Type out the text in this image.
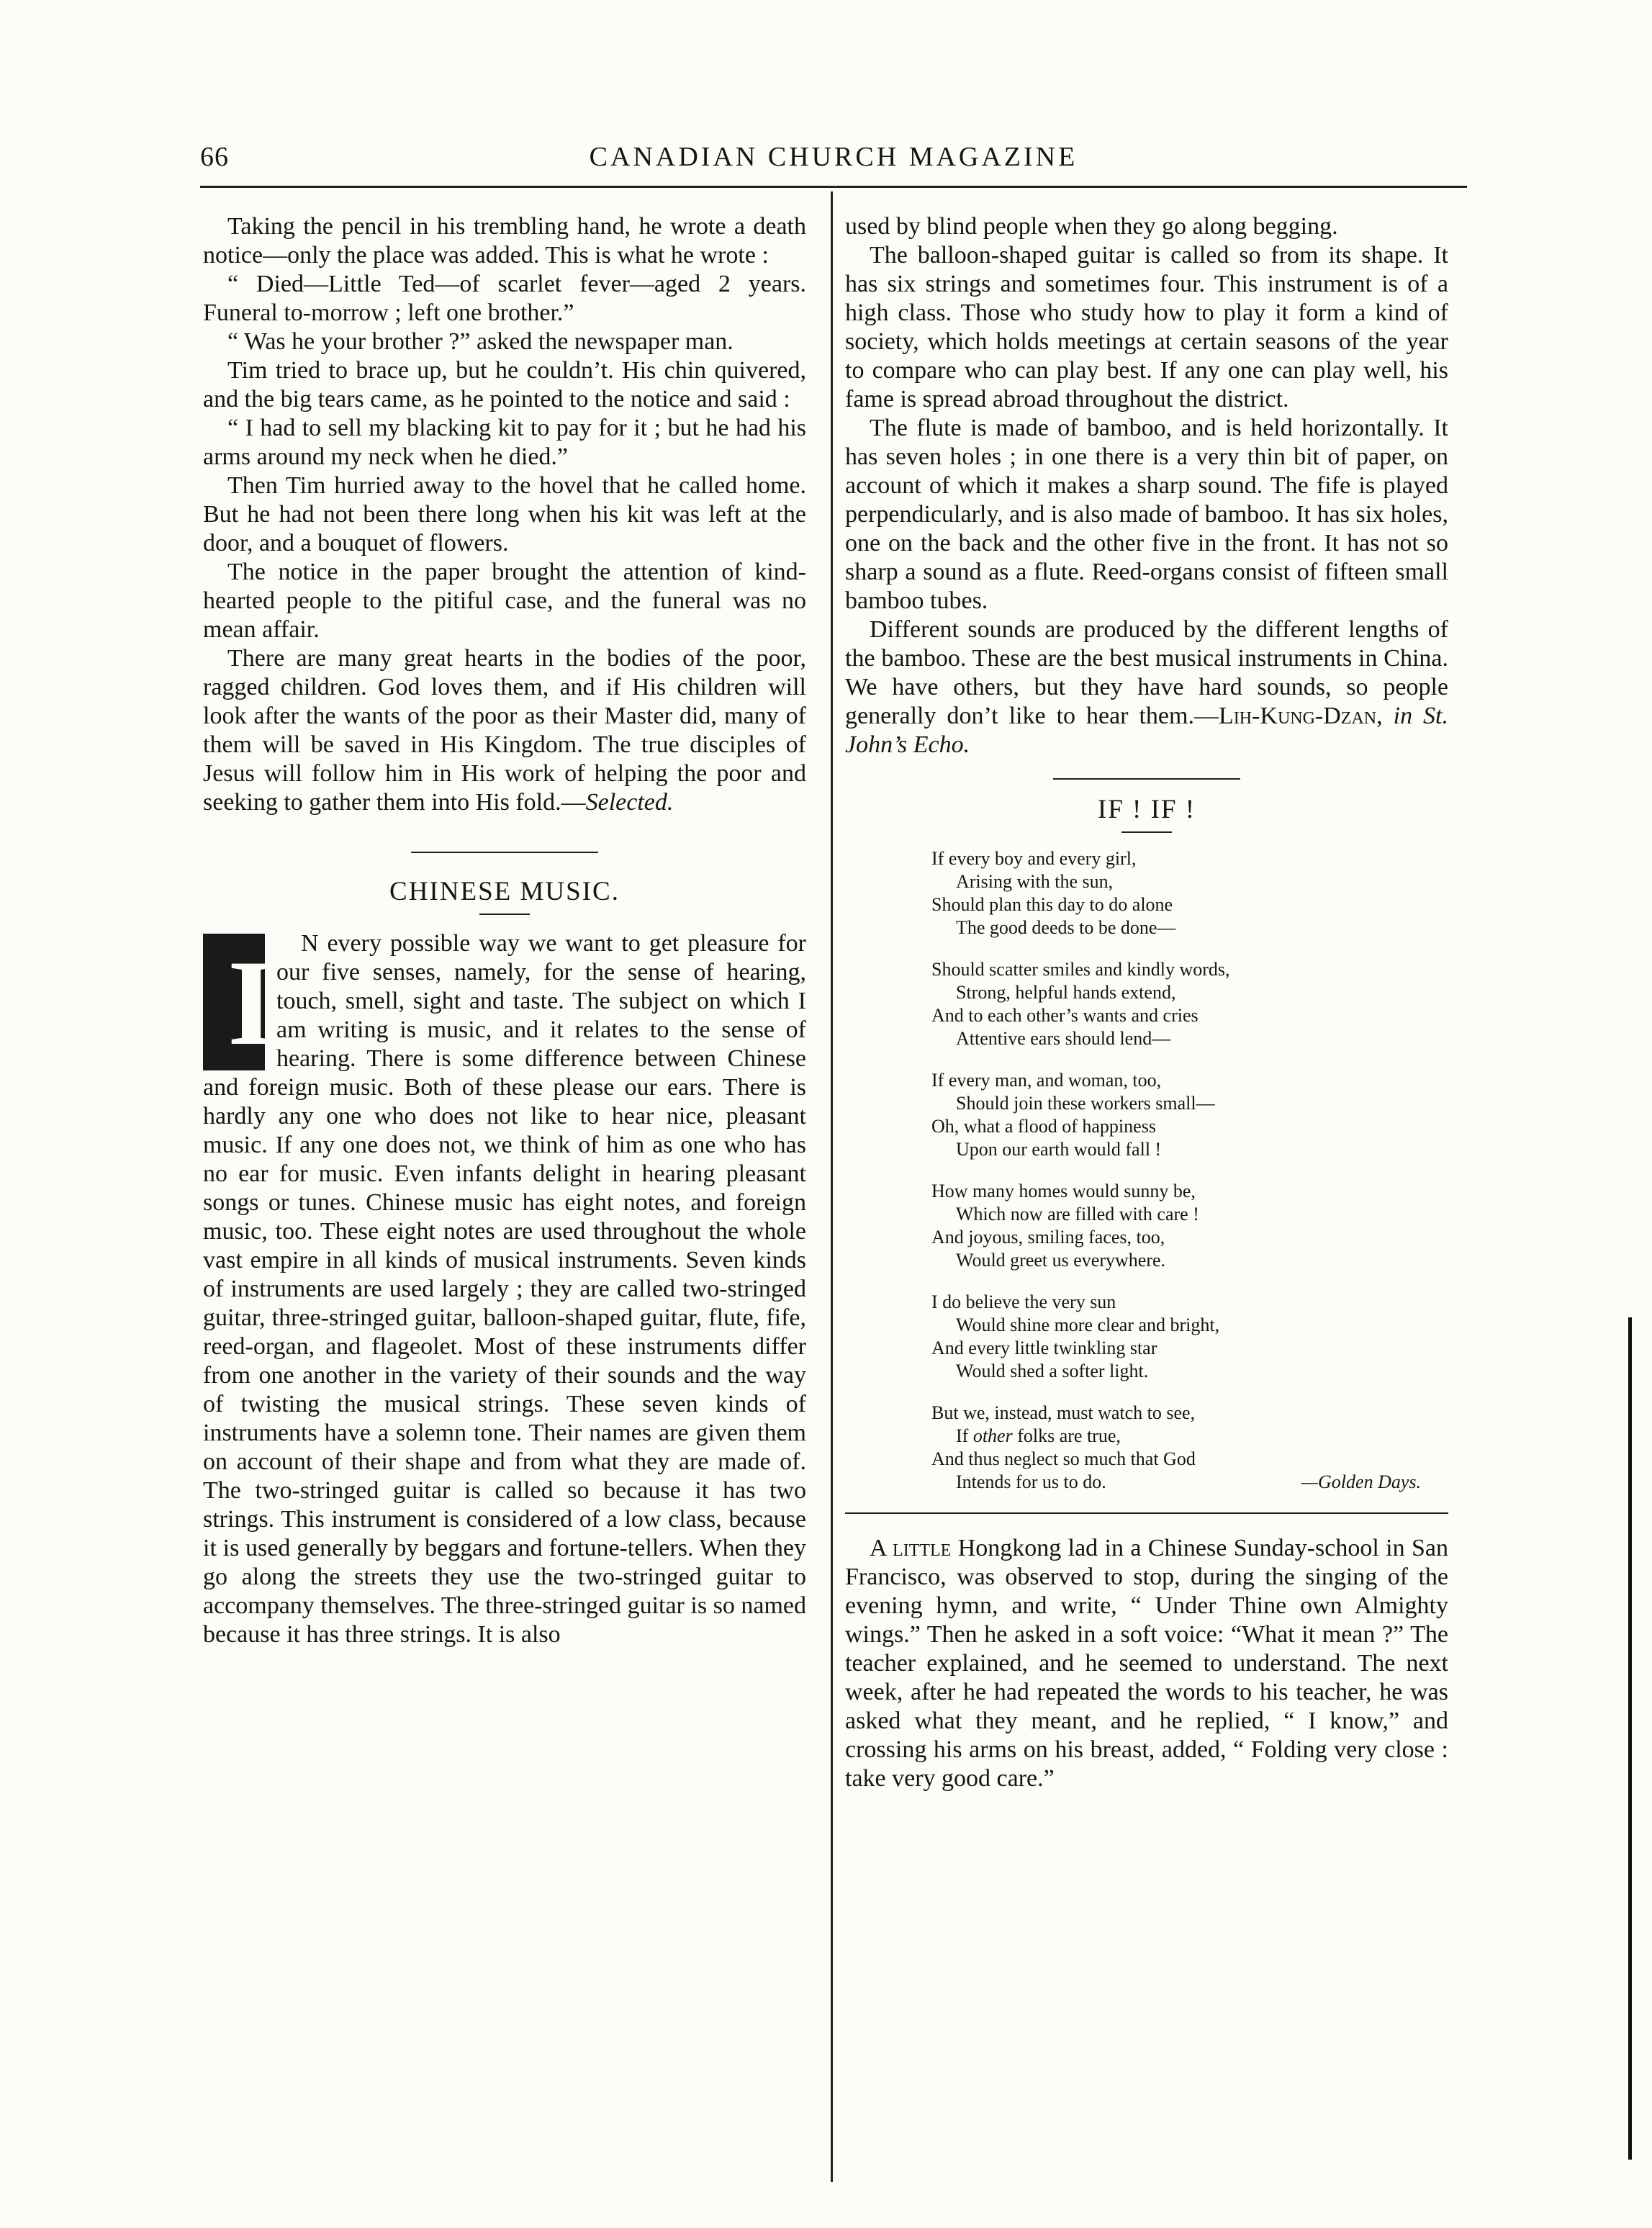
66	CANADIAN CHURCH MAGAZINE

Taking the pencil in his trembling hand, he wrote a death notice—only the place was added. This is what he wrote :

“ Died—Little Ted—of scarlet fever—aged 2 years. Funeral to-morrow ; left one brother.”

“ Was he your brother ?” asked the newspaper man.

Tim tried to brace up, but he couldn’t. His chin quivered, and the big tears came, as he pointed to the notice and said :

“ I had to sell my blacking kit to pay for it ; but he had his arms around my neck when he died.”

Then Tim hurried away to the hovel that he called home. But he had not been there long when his kit was left at the door, and a bouquet of flowers.

The notice in the paper brought the attention of kind-hearted people to the pitiful case, and the funeral was no mean affair.

There are many great hearts in the bodies of the poor, ragged children. God loves them, and if His children will look after the wants of the poor as their Master did, many of them will be saved in His Kingdom. The true disciples of Jesus will follow him in His work of helping the poor and seeking to gather them into His fold.—Selected.

CHINESE MUSIC.

I N every possible way we want to get pleasure for our five senses, namely, for the sense of hearing, touch, smell, sight and taste. The subject on which I am writing is music, and it relates to the sense of hearing. There is some difference between Chinese and foreign music. Both of these please our ears. There is hardly any one who does not like to hear nice, pleasant music. If any one does not, we think of him as one who has no ear for music. Even infants delight in hearing pleasant songs or tunes. Chinese music has eight notes, and foreign music, too. These eight notes are used throughout the whole vast empire in all kinds of musical instruments. Seven kinds of instruments are used largely ; they are called two-stringed guitar, three-stringed guitar, balloon-shaped guitar, flute, fife, reed-organ, and flageolet. Most of these instruments differ from one another in the variety of their sounds and the way of twisting the musical strings. These seven kinds of instruments have a solemn tone. Their names are given them on account of their shape and from what they are made of. The two-stringed guitar is called so because it has two strings. This instrument is considered of a low class, because it is used generally by beggars and fortune-tellers. When they go along the streets they use the two-stringed guitar to accompany themselves. The three-stringed guitar is so named because it has three strings. It is also

used by blind people when they go along begging.

The balloon-shaped guitar is called so from its shape. It has six strings and sometimes four. This instrument is of a high class. Those who study how to play it form a kind of society, which holds meetings at certain seasons of the year to compare who can play best. If any one can play well, his fame is spread abroad throughout the district.

The flute is made of bamboo, and is held horizontally. It has seven holes ; in one there is a very thin bit of paper, on account of which it makes a sharp sound. The fife is played perpendicularly, and is also made of bamboo. It has six holes, one on the back and the other five in the front. It has not so sharp a sound as a flute. Reed-organs consist of fifteen small bamboo tubes.

Different sounds are produced by the different lengths of the bamboo. These are the best musical instruments in China. We have others, but they have hard sounds, so people generally don’t like to hear them.—Lih-Kung-Dzan, in St. John’s Echo.

IF ! IF !
If every boy and every girl,
Arising with the sun,
Should plan this day to do alone
The good deeds to be done—
Should scatter smiles and kindly words,
Strong, helpful hands extend,
And to each other’s wants and cries
Attentive ears should lend—
If every man, and woman, too,
Should join these workers small—
Oh, what a flood of happiness
Upon our earth would fall !
How many homes would sunny be,
Which now are filled with care !
And joyous, smiling faces, too,
Would greet us everywhere.
I do believe the very sun
Would shine more clear and bright,
And every little twinkling star
Would shed a softer light.
But we, instead, must watch to see,
If other folks are true,
And thus neglect so much that God
Intends for us to do.	—Golden Days.

A little Hongkong lad in a Chinese Sunday-school in San Francisco, was observed to stop, during the singing of the evening hymn, and write, “ Under Thine own Almighty wings.” Then he asked in a soft voice: “What it mean ?” The teacher explained, and he seemed to understand. The next week, after he had repeated the words to his teacher, he was asked what they meant, and he replied, “ I know,” and crossing his arms on his breast, added, “ Folding very close : take very good care.”
